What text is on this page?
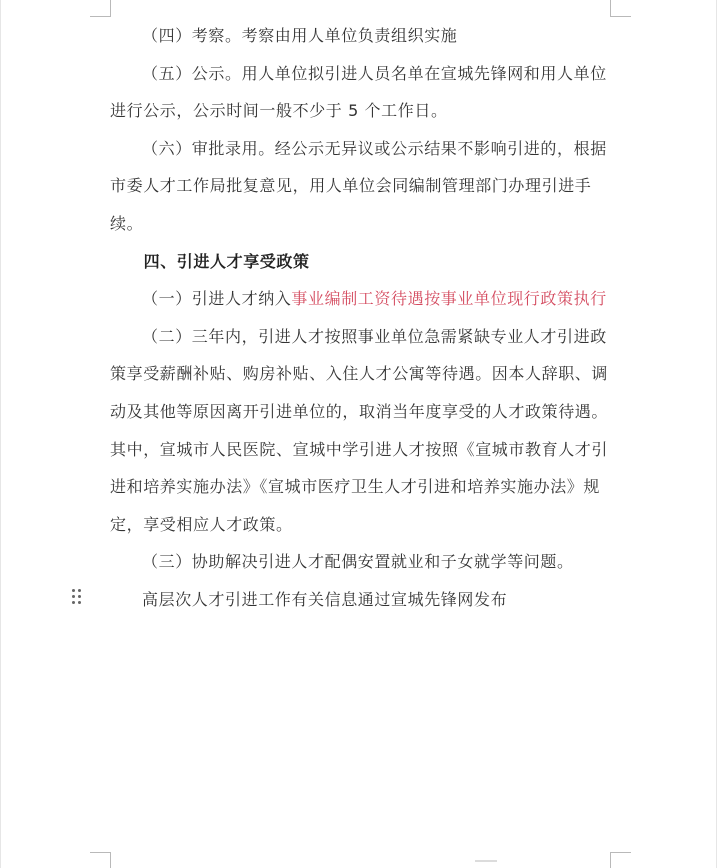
（四）考察。考察由用人单位负责组织实施

（五）公示。用人单位拟引进人员名单在宣城先锋网和用人单位进行公示，公示时间一般不少于 5 个工作日。

（六）审批录用。经公示无异议或公示结果不影响引进的，根据市委人才工作局批复意见，用人单位会同编制管理部门办理引进手续。

四、引进人才享受政策

（一）引进人才纳入事业编制工资待遇按事业单位现行政策执行

（二）三年内，引进人才按照事业单位急需紧缺专业人才引进政策享受薪酬补贴、购房补贴、入住人才公寓等待遇。因本人辞职、调动及其他等原因离开引进单位的，取消当年度享受的人才政策待遇。其中，宣城市人民医院、宣城中学引进人才按照《宣城市教育人才引进和培养实施办法》《宣城市医疗卫生人才引进和培养实施办法》规定，享受相应人才政策。

（三）协助解决引进人才配偶安置就业和子女就学等问题。

高层次人才引进工作有关信息通过宣城先锋网发布
